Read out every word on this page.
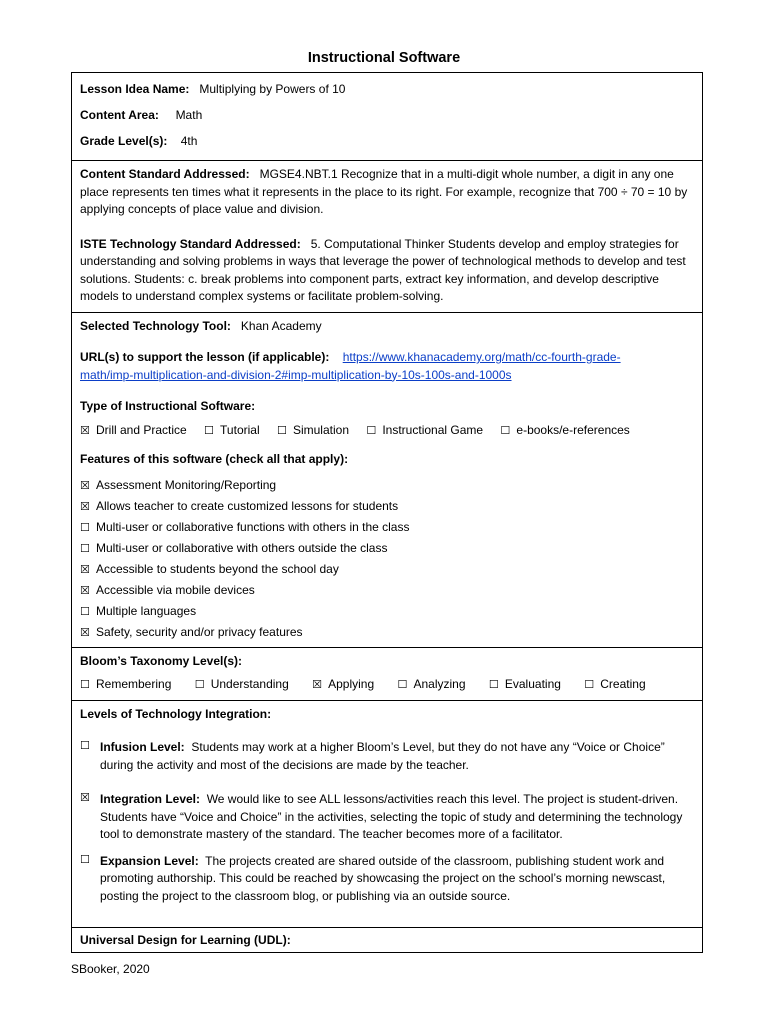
Instructional Software
Lesson Idea Name: Multiplying by Powers of 10
Content Area: Math
Grade Level(s): 4th
Content Standard Addressed: MGSE4.NBT.1 Recognize that in a multi-digit whole number, a digit in any one place represents ten times what it represents in the place to its right. For example, recognize that 700 ÷ 70 = 10 by applying concepts of place value and division.
ISTE Technology Standard Addressed: 5. Computational Thinker Students develop and employ strategies for understanding and solving problems in ways that leverage the power of technological methods to develop and test solutions. Students: c. break problems into component parts, extract key information, and develop descriptive models to understand complex systems or facilitate problem-solving.
Selected Technology Tool: Khan Academy
URL(s) to support the lesson (if applicable): https://www.khanacademy.org/math/cc-fourth-grade-
math/imp-multiplication-and-division-2#imp-multiplication-by-10s-100s-and-1000s
Type of Instructional Software:
☒ Drill and Practice ☐ Tutorial ☐ Simulation ☐ Instructional Game ☐ e-books/e-references
Features of this software (check all that apply):
☒ Assessment Monitoring/Reporting
☒ Allows teacher to create customized lessons for students
☐ Multi-user or collaborative functions with others in the class
☐ Multi-user or collaborative with others outside the class
☒ Accessible to students beyond the school day
☒ Accessible via mobile devices
☐ Multiple languages
☒ Safety, security and/or privacy features
Bloom’s Taxonomy Level(s):
☐ Remembering ☐ Understanding ☒ Applying ☐ Analyzing ☐ Evaluating ☐ Creating
Levels of Technology Integration:
☐ Infusion Level: Students may work at a higher Bloom’s Level, but they do not have any “Voice or Choice” during the activity and most of the decisions are made by the teacher.
☒ Integration Level: We would like to see ALL lessons/activities reach this level. The project is student-driven. Students have “Voice and Choice” in the activities, selecting the topic of study and determining the technology tool to demonstrate mastery of the standard. The teacher becomes more of a facilitator.
☐ Expansion Level: The projects created are shared outside of the classroom, publishing student work and promoting authorship. This could be reached by showcasing the project on the school’s morning newscast, posting the project to the classroom blog, or publishing via an outside source.
Universal Design for Learning (UDL):
SBooker, 2020
